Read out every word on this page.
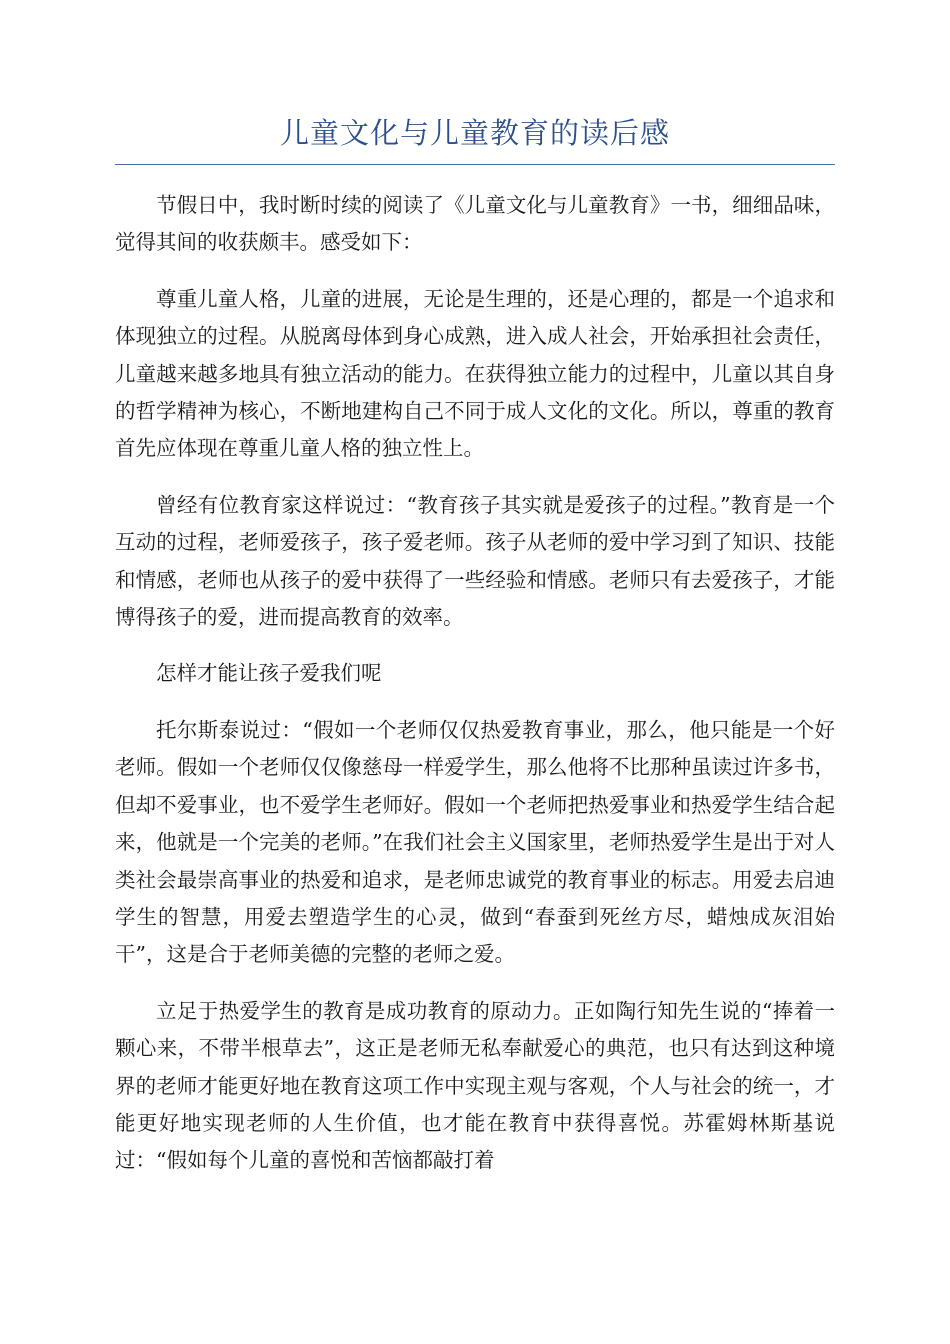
儿童文化与儿童教育的读后感

节假日中，我时断时续的阅读了《儿童文化与儿童教育》一书，细细品味，觉得其间的收获颇丰。感受如下：

尊重儿童人格，儿童的进展，无论是生理的，还是心理的，都是一个追求和体现独立的过程。从脱离母体到身心成熟，进入成人社会，开始承担社会责任，儿童越来越多地具有独立活动的能力。在获得独立能力的过程中，儿童以其自身的哲学精神为核心，不断地建构自己不同于成人文化的文化。所以，尊重的教育首先应体现在尊重儿童人格的独立性上。

曾经有位教育家这样说过：“教育孩子其实就是爱孩子的过程。”教育是一个互动的过程，老师爱孩子，孩子爱老师。孩子从老师的爱中学习到了知识、技能和情感，老师也从孩子的爱中获得了一些经验和情感。老师只有去爱孩子，才能博得孩子的爱，进而提高教育的效率。

怎样才能让孩子爱我们呢

托尔斯泰说过：“假如一个老师仅仅热爱教育事业，那么，他只能是一个好老师。假如一个老师仅仅像慈母一样爱学生，那么他将不比那种虽读过许多书，但却不爱事业，也不爱学生老师好。假如一个老师把热爱事业和热爱学生结合起来，他就是一个完美的老师。”在我们社会主义国家里，老师热爱学生是出于对人类社会最崇高事业的热爱和追求，是老师忠诚党的教育事业的标志。用爱去启迪学生的智慧，用爱去塑造学生的心灵，做到“春蚕到死丝方尽，蜡烛成灰泪始干”，这是合于老师美德的完整的老师之爱。

立足于热爱学生的教育是成功教育的原动力。正如陶行知先生说的“捧着一颗心来，不带半根草去”，这正是老师无私奉献爱心的典范，也只有达到这种境界的老师才能更好地在教育这项工作中实现主观与客观，个人与社会的统一，才能更好地实现老师的人生价值，也才能在教育中获得喜悦。苏霍姆林斯基说过：“假如每个儿童的喜悦和苦恼都敲打着
